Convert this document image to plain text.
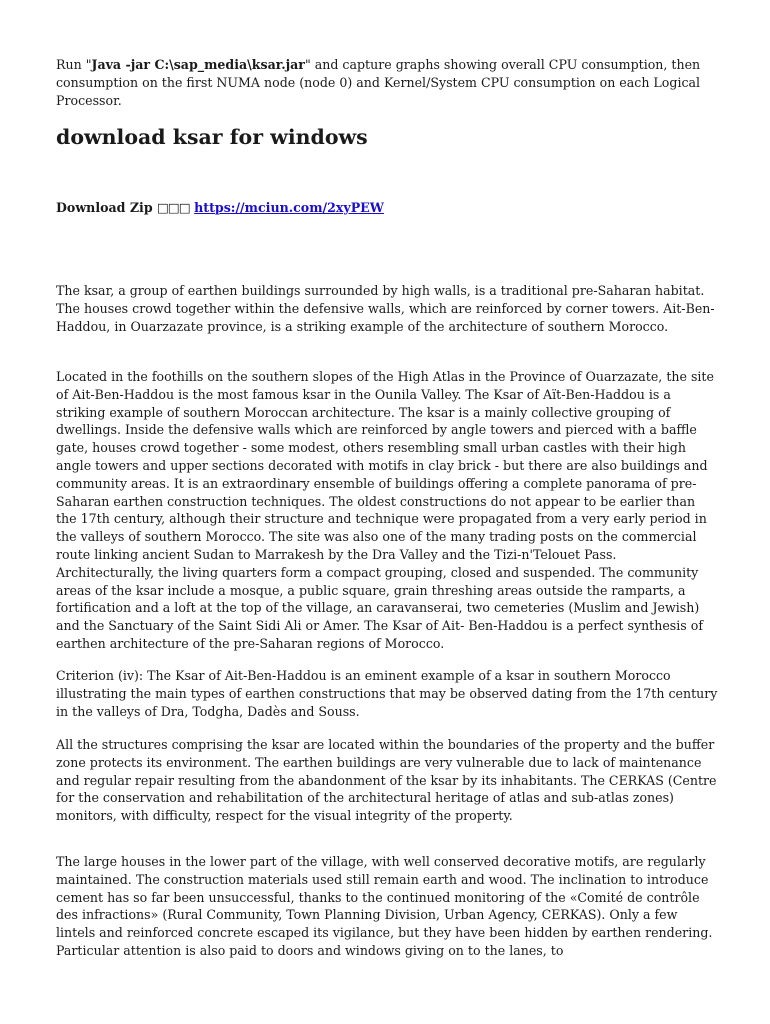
Run "Java -jar C:\sap_media\ksar.jar" and capture graphs showing overall CPU consumption, then consumption on the first NUMA node (node 0) and Kernel/System CPU consumption on each Logical Processor.

download ksar for windows

Download Zip □□□ https://mciun.com/2xyPEW

The ksar, a group of earthen buildings surrounded by high walls, is a traditional pre-Saharan habitat. The houses crowd together within the defensive walls, which are reinforced by corner towers. Ait-Ben-Haddou, in Ouarzazate province, is a striking example of the architecture of southern Morocco.

Located in the foothills on the southern slopes of the High Atlas in the Province of Ouarzazate, the site of Ait-Ben-Haddou is the most famous ksar in the Ounila Valley. The Ksar of Aït-Ben-Haddou is a striking example of southern Moroccan architecture. The ksar is a mainly collective grouping of dwellings. Inside the defensive walls which are reinforced by angle towers and pierced with a baffle gate, houses crowd together - some modest, others resembling small urban castles with their high angle towers and upper sections decorated with motifs in clay brick - but there are also buildings and community areas. It is an extraordinary ensemble of buildings offering a complete panorama of pre-Saharan earthen construction techniques. The oldest constructions do not appear to be earlier than the 17th century, although their structure and technique were propagated from a very early period in the valleys of southern Morocco. The site was also one of the many trading posts on the commercial route linking ancient Sudan to Marrakesh by the Dra Valley and the Tizi-n'Telouet Pass. Architecturally, the living quarters form a compact grouping, closed and suspended. The community areas of the ksar include a mosque, a public square, grain threshing areas outside the ramparts, a fortification and a loft at the top of the village, an caravanserai, two cemeteries (Muslim and Jewish) and the Sanctuary of the Saint Sidi Ali or Amer. The Ksar of Ait- Ben-Haddou is a perfect synthesis of earthen architecture of the pre-Saharan regions of Morocco.

Criterion (iv): The Ksar of Ait-Ben-Haddou is an eminent example of a ksar in southern Morocco illustrating the main types of earthen constructions that may be observed dating from the 17th century in the valleys of Dra, Todgha, Dadès and Souss.

All the structures comprising the ksar are located within the boundaries of the property and the buffer zone protects its environment. The earthen buildings are very vulnerable due to lack of maintenance and regular repair resulting from the abandonment of the ksar by its inhabitants. The CERKAS (Centre for the conservation and rehabilitation of the architectural heritage of atlas and sub-atlas zones) monitors, with difficulty, respect for the visual integrity of the property.

The large houses in the lower part of the village, with well conserved decorative motifs, are regularly maintained. The construction materials used still remain earth and wood. The inclination to introduce cement has so far been unsuccessful, thanks to the continued monitoring of the «Comité de contrôle des infractions» (Rural Community, Town Planning Division, Urban Agency, CERKAS). Only a few lintels and reinforced concrete escaped its vigilance, but they have been hidden by earthen rendering. Particular attention is also paid to doors and windows giving on to the lanes, to
